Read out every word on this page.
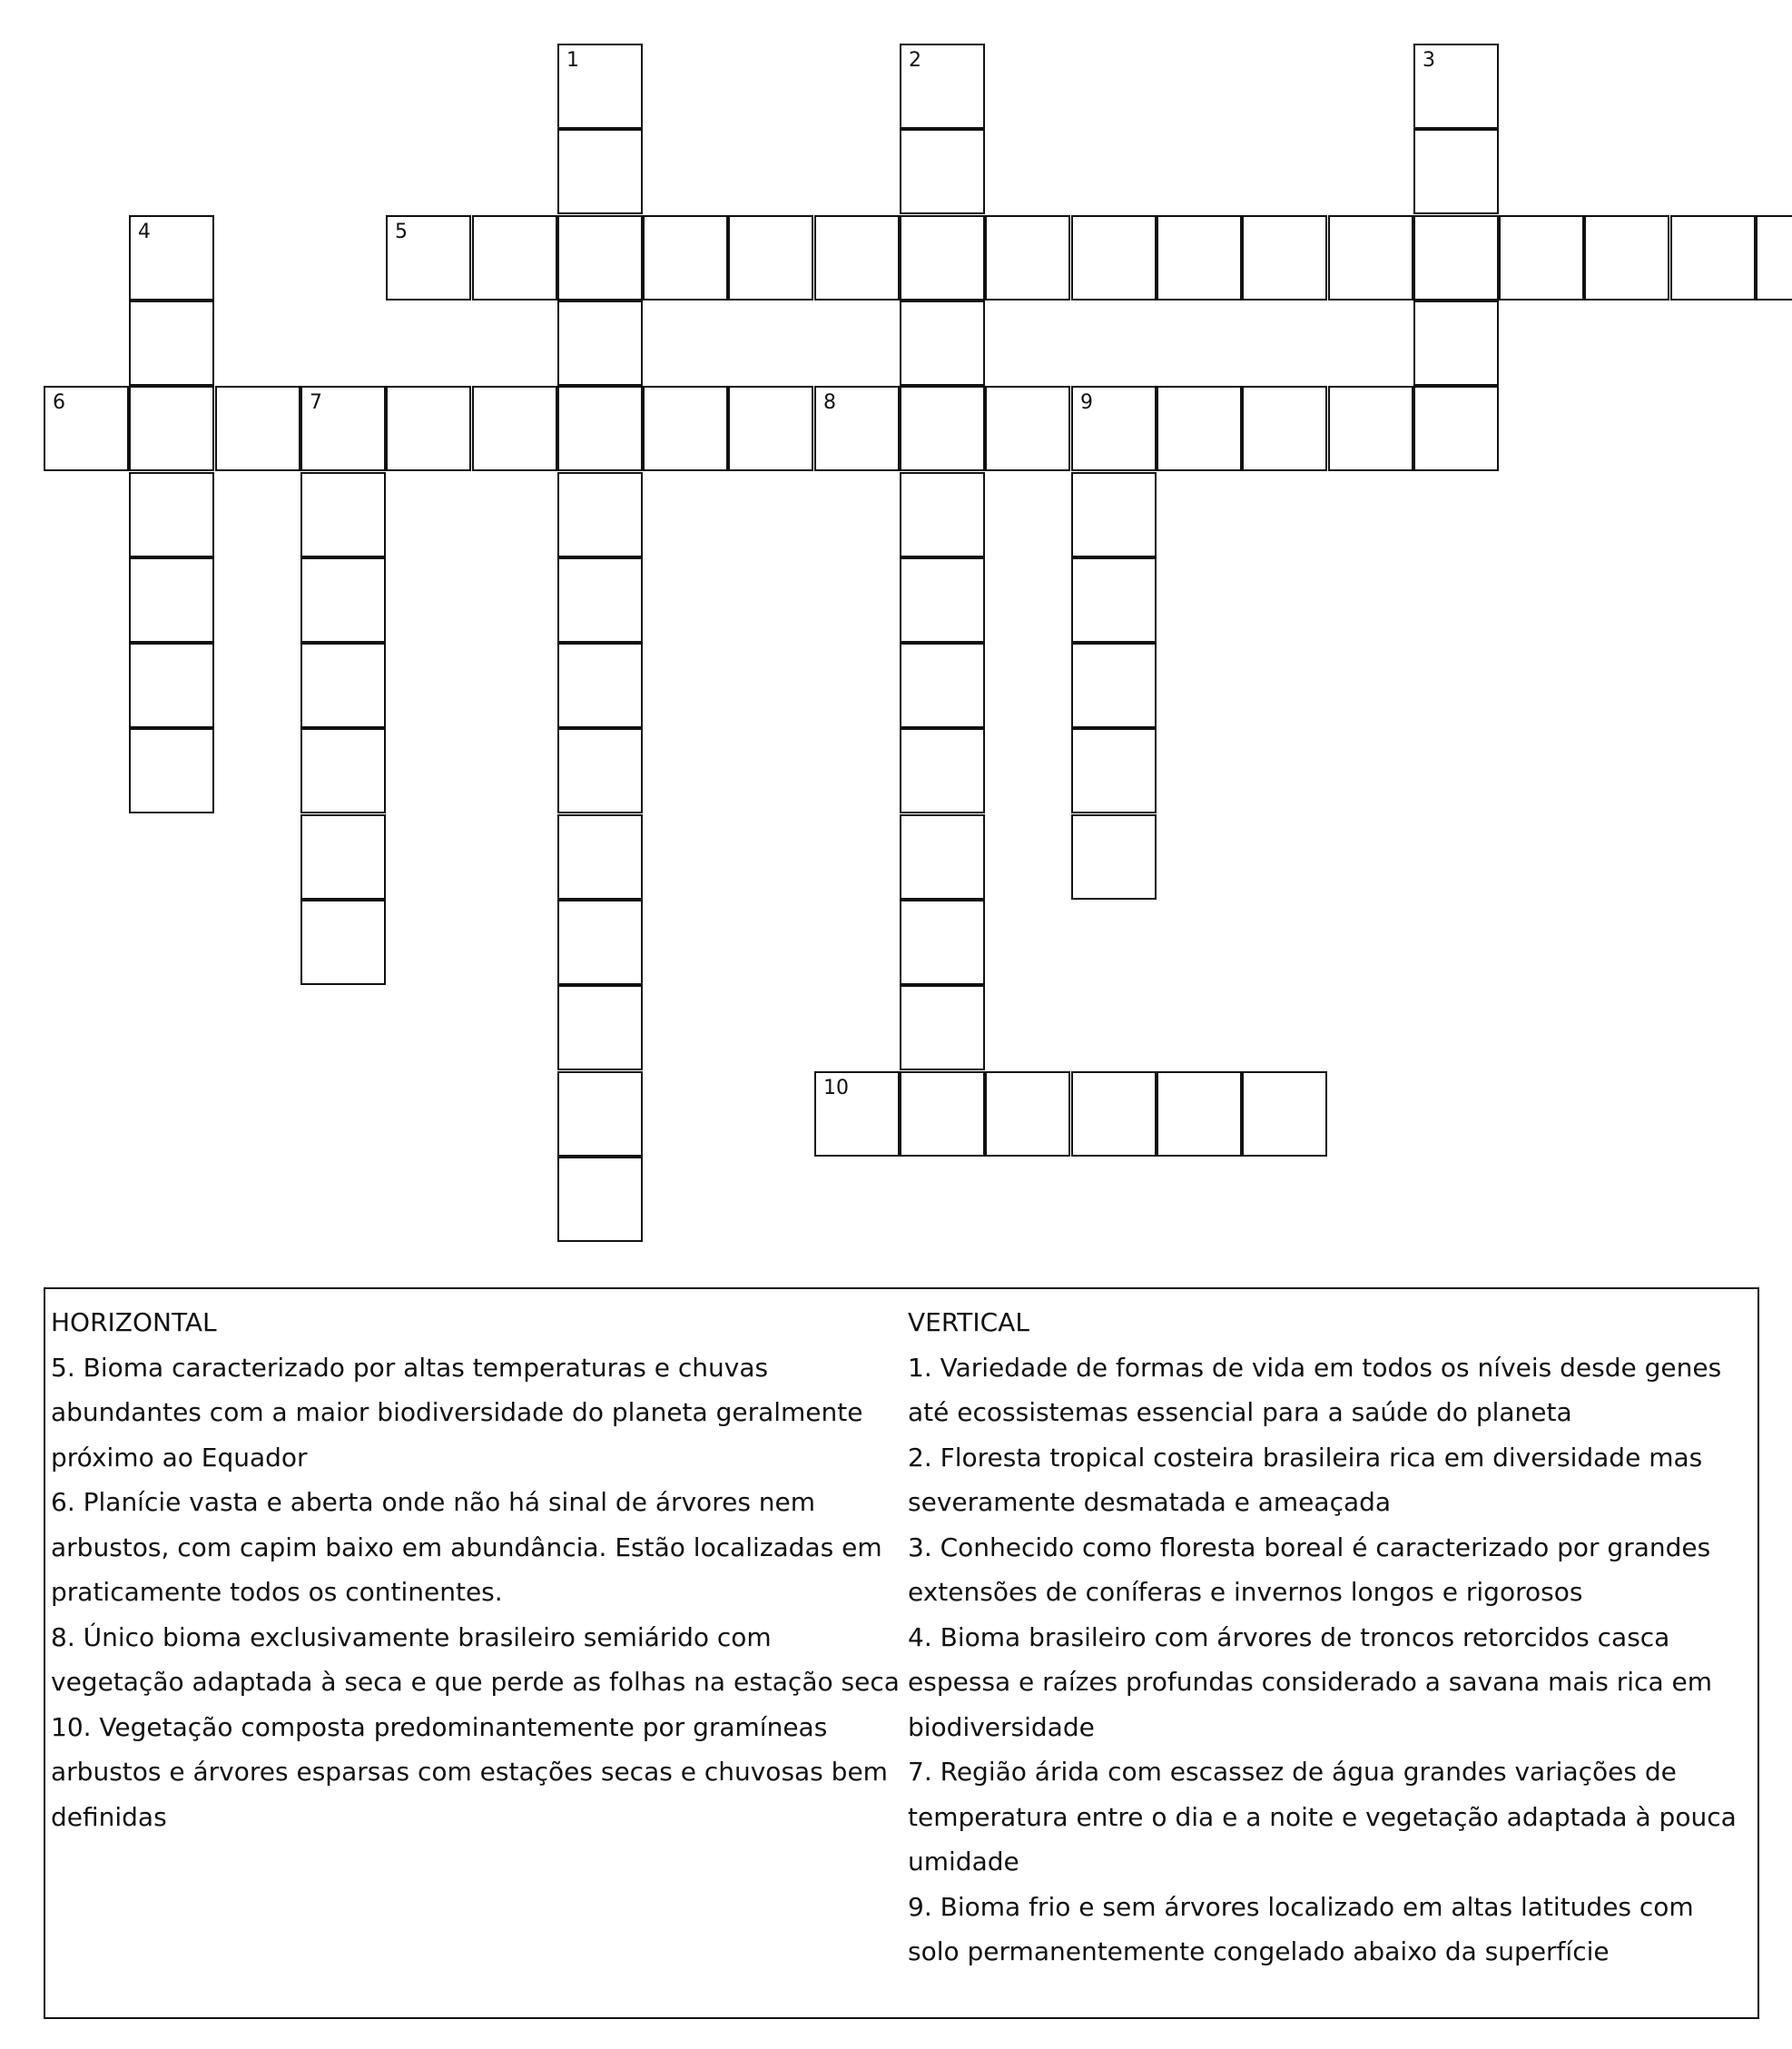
1	2	3
4	5
6	7	8	9
10

HORIZONTAL

5. Bioma caracterizado por altas temperaturas e chuvas abundantes com a maior biodiversidade do planeta geralmente próximo ao Equador

6. Planície vasta e aberta onde não há sinal de árvores nem arbustos, com capim baixo em abundância. Estão localizadas em praticamente todos os continentes.

8. Único bioma exclusivamente brasileiro semiárido com vegetação adaptada à seca e que perde as folhas na estação seca

10. Vegetação composta predominantemente por gramíneas arbustos e árvores esparsas com estações secas e chuvosas bem definidas

VERTICAL

1. Variedade de formas de vida em todos os níveis desde genes até ecossistemas essencial para a saúde do planeta

2. Floresta tropical costeira brasileira rica em diversidade mas severamente desmatada e ameaçada

3. Conhecido como floresta boreal é caracterizado por grandes extensões de coníferas e invernos longos e rigorosos

4. Bioma brasileiro com árvores de troncos retorcidos casca espessa e raízes profundas considerado a savana mais rica em biodiversidade

7. Região árida com escassez de água grandes variações de temperatura entre o dia e a noite e vegetação adaptada à pouca umidade

9. Bioma frio e sem árvores localizado em altas latitudes com solo permanentemente congelado abaixo da superfície
